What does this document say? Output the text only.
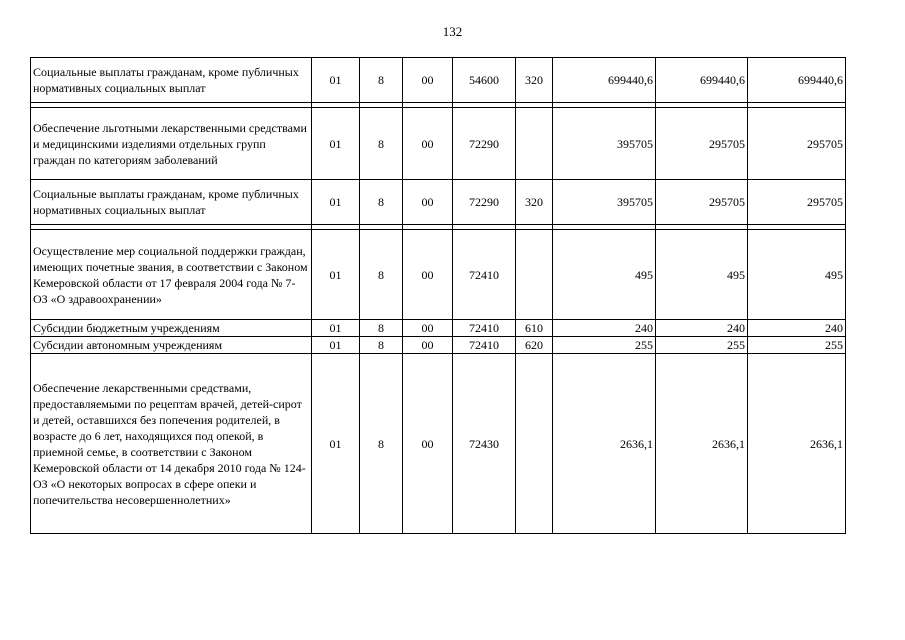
132
Социальные выплаты гражданам, кроме публичных нормативных социальных выплат	01	8	00	54600	320	699440,6	699440,6	699440,6

Обеспечение льготными лекарственными средствами и медицинскими изделиями отдельных групп граждан по категориям заболеваний	01	8	00	72290		395705	295705	295705
Социальные выплаты гражданам, кроме публичных нормативных социальных выплат	01	8	00	72290	320	395705	295705	295705

Осуществление мер социальной поддержки граждан, имеющих почетные звания, в соответствии с Законом Кемеровской области от 17 февраля 2004 года № 7-ОЗ «О здравоохранении»	01	8	00	72410		495	495	495
Субсидии бюджетным учреждениям	01	8	00	72410	610	240	240	240
Субсидии автономным учреждениям	01	8	00	72410	620	255	255	255
Обеспечение лекарственными средствами, предоставляемыми по рецептам врачей, детей-сирот и детей, оставшихся без попечения родителей, в возрасте до 6 лет, находящихся под опекой, в приемной семье, в соответствии с Законом Кемеровской области от 14 декабря 2010 года № 124-ОЗ «О некоторых вопросах в сфере опеки и попечительства несовершеннолетних»	01	8	00	72430		2636,1	2636,1	2636,1
